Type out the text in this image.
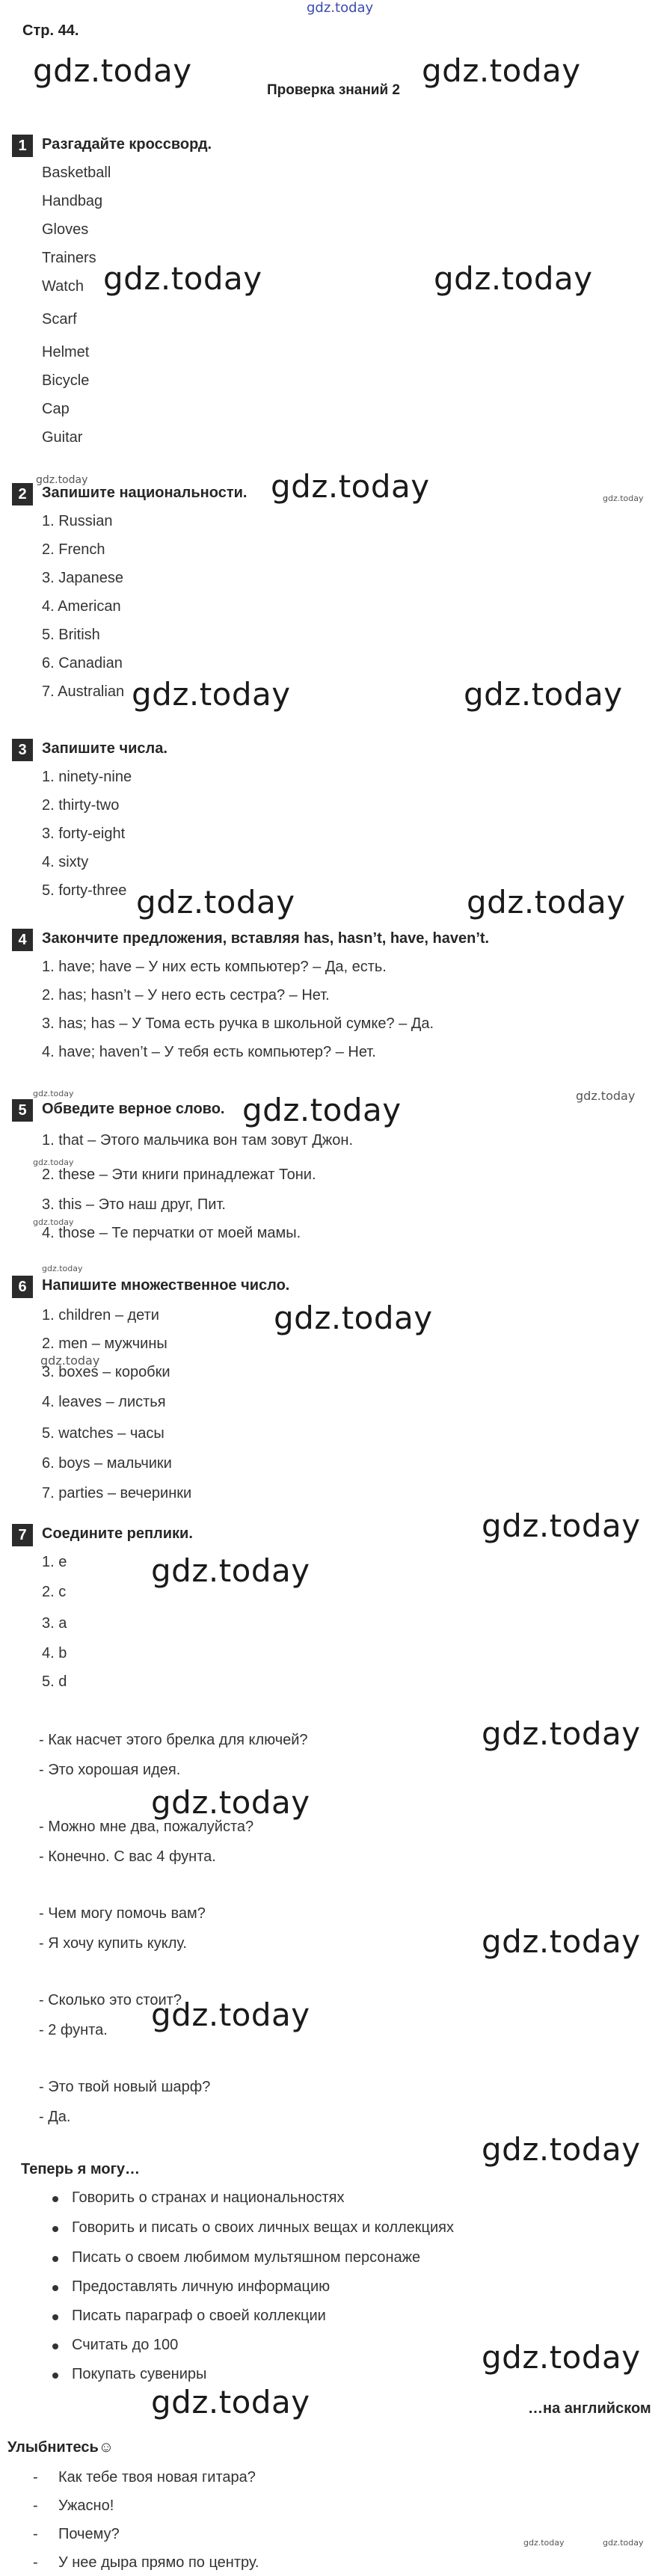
gdz.today
Стр. 44.
Проверка знаний 2
gdz.today	gdz.today
gdz.today	gdz.today
gdz.today
gdz.today	gdz.today
gdz.today	gdz.today
gdz.today
gdz.today
gdz.today
gdz.today
gdz.today
gdz.today
gdz.today
gdz.today
gdz.today
gdz.today
gdz.today
gdz.today
gdz.today
gdz.today	gdz.today
gdz.today
gdz.today
gdz.today
gdz.today
gdz.today	gdz.today
1	Разгадайте кроссворд.
Basketball
Handbag
Gloves
Trainers
Watch
Scarf
Helmet
Bicycle
Cap
Guitar
2	Запишите национальности.
1. Russian
2. French
3. Japanese
4. American
5. British
6. Canadian
7. Australian
3	Запишите числа.
1. ninety-nine
2. thirty-two
3. forty-eight
4. sixty
5. forty-three
4	Закончите предложения, вставляя has, hasn’t, have, haven’t.
1. have; have – У них есть компьютер? – Да, есть.
2. has; hasn’t – У него есть сестра? – Нет.
3. has; has – У Тома есть ручка в школьной сумке? – Да.
4. have; haven’t – У тебя есть компьютер? – Нет.
5	Обведите верное слово.
1. that – Этого мальчика вон там зовут Джон.
2. these – Эти книги принадлежат Тони.
3. this – Это наш друг, Пит.
4. those – Те перчатки от моей мамы.
6	Напишите множественное число.
1. children – дети
2. men – мужчины
3. boxes – коробки
4. leaves – листья
5. watches – часы
6. boys – мальчики
7. parties – вечеринки
7	Соедините реплики.
1. e
2. c
3. a
4. b
5. d
- Как насчет этого брелка для ключей?
- Это хорошая идея.
- Можно мне два, пожалуйста?
- Конечно. С вас 4 фунта.
- Чем могу помочь вам?
- Я хочу купить куклу.
- Сколько это стоит?
- 2 фунта.
- Это твой новый шарф?
- Да.
Теперь я могу…
Говорить о странах и национальностях
Говорить и писать о своих личных вещах и коллекциях
Писать о своем любимом мультяшном персонаже
Предоставлять личную информацию
Писать параграф о своей коллекции
Считать до 100
Покупать сувениры
…на английском
Улыбнитесь☺
- Как тебе твоя новая гитара?
- Ужасно!
- Почему?
- У нее дыра прямо по центру.
